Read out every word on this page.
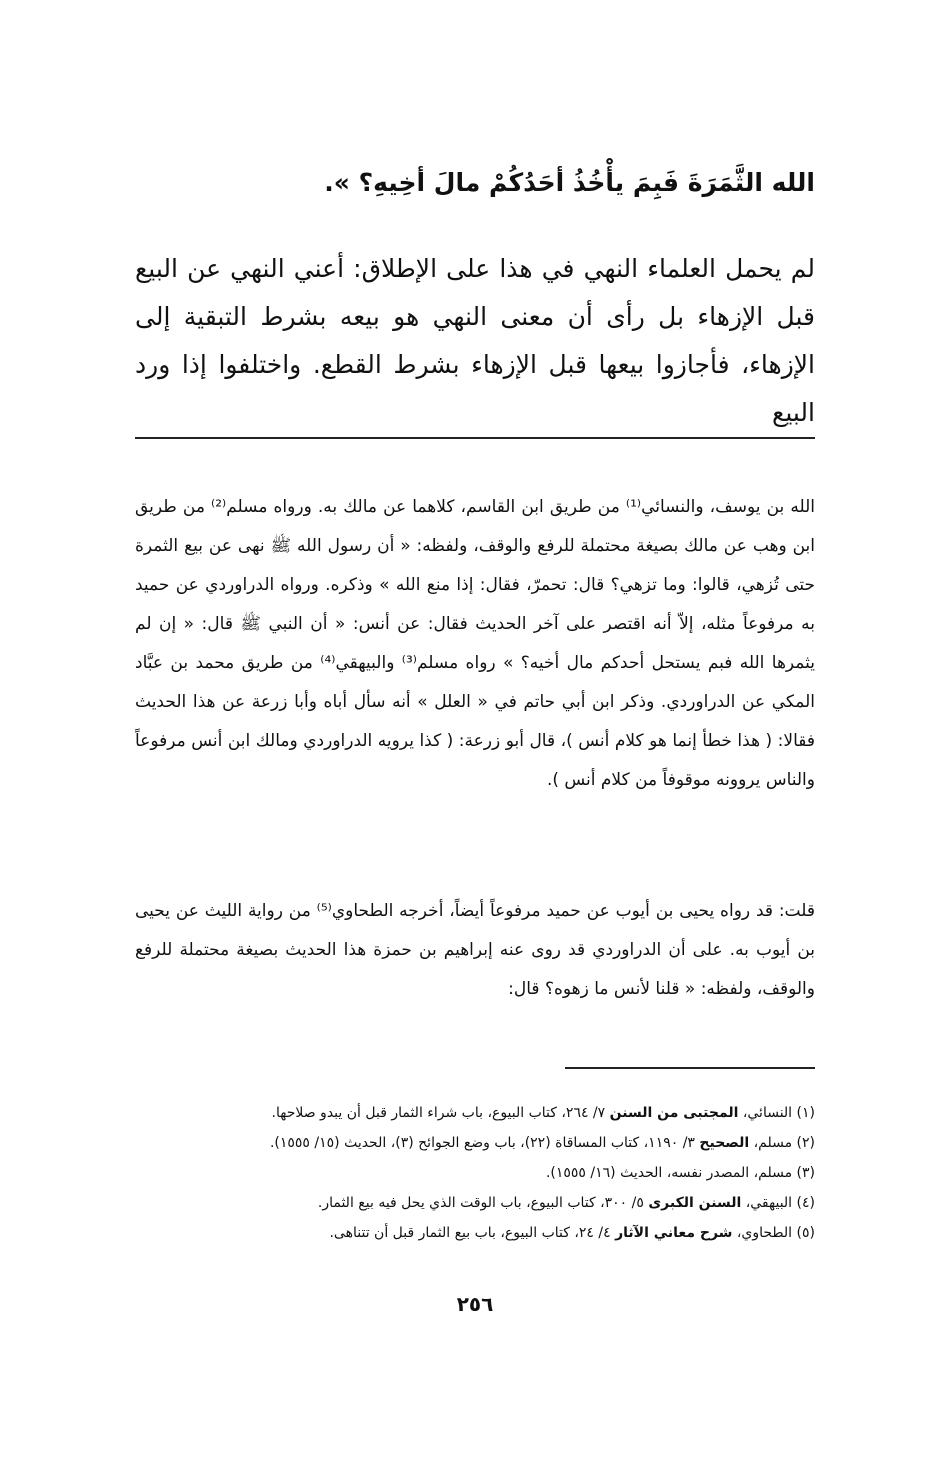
الله الثَّمَرَةَ فَبِمَ يأْخُذُ أحَدُكُمْ مالَ أخِيهِ؟ ».
لم يحمل العلماء النهي في هذا على الإطلاق: أعني النهي عن البيع قبل الإزهاء بل رأى أن معنى النهي هو بيعه بشرط التبقية إلى الإزهاء، فأجازوا بيعها قبل الإزهاء بشرط القطع. واختلفوا إذا ورد البيع
الله بن يوسف، والنسائي⁽¹⁾ من طريق ابن القاسم، كلاهما عن مالك به. ورواه مسلم⁽²⁾ من طريق ابن وهب عن مالك بصيغة محتملة للرفع والوقف، ولفظه: « أن رسول الله ﷺ نهى عن بيع الثمرة حتى تُزهي، قالوا: وما تزهي؟ قال: تحمرّ، فقال: إذا منع الله » وذكره. ورواه الدراوردي عن حميد به مرفوعاً مثله، إلاّ أنه اقتصر على آخر الحديث فقال: عن أنس: « أن النبي ﷺ قال: « إن لم يثمرها الله فبم يستحل أحدكم مال أخيه؟ » رواه مسلم⁽³⁾ والبيهقي⁽⁴⁾ من طريق محمد بن عبَّاد المكي عن الدراوردي. وذكر ابن أبي حاتم في « العلل » أنه سأل أباه وأبا زرعة عن هذا الحديث فقالا: ( هذا خطأ إنما هو كلام أنس )، قال أبو زرعة: ( كذا يرويه الدراوردي ومالك ابن أنس مرفوعاً والناس يروونه موقوفاً من كلام أنس ).
قلت: قد رواه يحيى بن أيوب عن حميد مرفوعاً أيضاً، أخرجه الطحاوي⁽⁵⁾ من رواية الليث عن يحيى بن أيوب به. على أن الدراوردي قد روى عنه إبراهيم بن حمزة هذا الحديث بصيغة محتملة للرفع والوقف، ولفظه: « قلنا لأنس ما زهوه؟ قال:
(١) النسائي، المجتبى من السنن ٧/ ٢٦٤، كتاب البيوع، باب شراء الثمار قبل أن يبدو صلاحها.
(٢) مسلم، الصحيح ٣/ ١١٩٠، كتاب المساقاة (٢٢)، باب وضع الجوائح (٣)، الحديث (١٥/ ١٥٥٥).
(٣) مسلم، المصدر نفسه، الحديث (١٦/ ١٥٥٥).
(٤) البيهقي، السنن الكبرى ٥/ ٣٠٠، كتاب البيوع، باب الوقت الذي يحل فيه بيع الثمار.
(٥) الطحاوي، شرح معاني الآثار ٤/ ٢٤، كتاب البيوع، باب بيع الثمار قبل أن تتناهى.
٢٥٦
